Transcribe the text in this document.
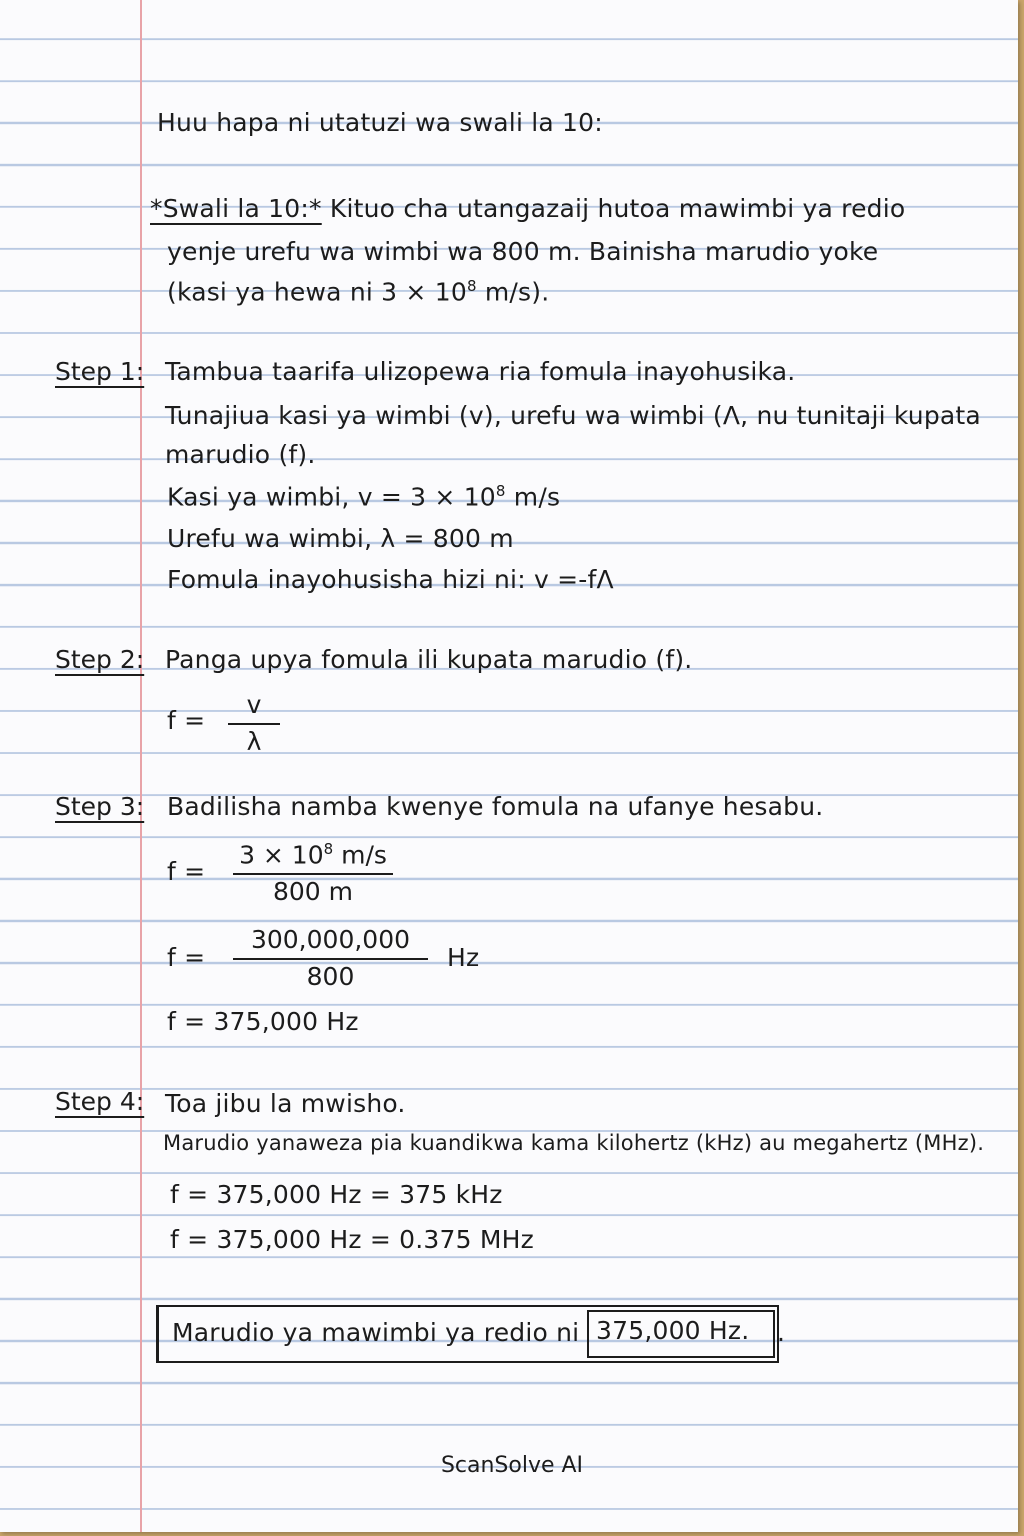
Huu hapa ni utatuzi wa swali la 10:
*Swali la 10:* Kituo cha utangazaij hutoa mawimbi ya redio
yenje urefu wa wimbi wa 800 m. Bainisha marudio yoke
(kasi ya hewa ni $3 \times 10^8$ m/s).
Step 1: Tambua taarifa ulizopewa ria fomula inayohusika.
Tunajiua kasi ya wimbi (v), urefu wa wimbi (Λ, nu tunitaji kupata
marudio (f).
Kasi ya wimbi, $v = 3 \times 10^8$ m/s
Urefu wa wimbi, λ = 800 m
Fomula inayohusisha hizi ni: v =-fΛ
Step 2: Panga upya fomula ili kupata marudio (f).
$f = \frac{v}{\lambda}$
Step 3: Badilisha namba kwenye fomula na ufanye hesabu.
$f = \frac{3 \times 10^8 m/s}{800 m}$
$f = \frac{300,000,000}{800}$ Hz
f = 375,000 Hz
Step 4: Toa jibu la mwisho.
Marudio yanaweza pia kuandikwa kama kilohertz (kHz) au megahertz (MHz).
f = 375,000 Hz = 375 kHz
f = 375,000 Hz = 0.375 MHz
Marudio ya mawimbi ya redio ni 375,000 Hz. .
ScanSolve AI
